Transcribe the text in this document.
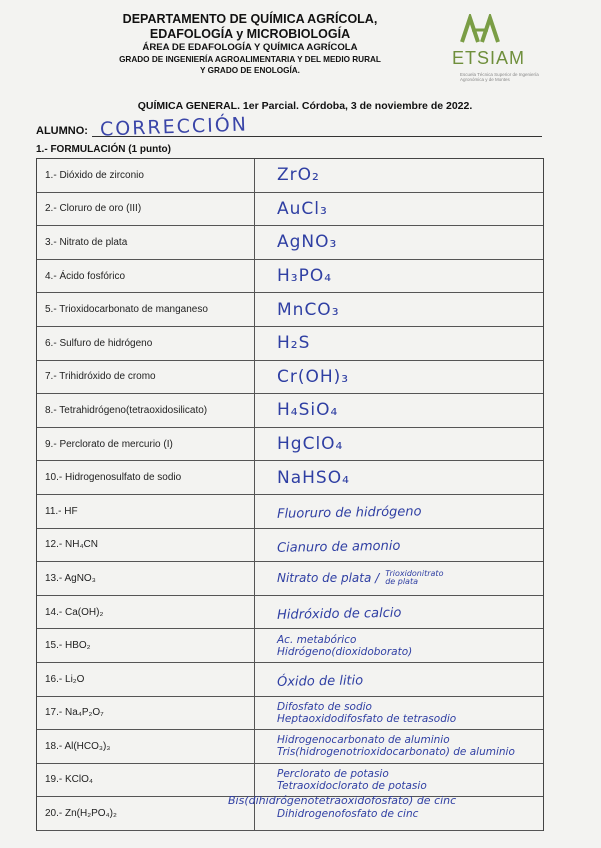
DEPARTAMENTO DE QUÍMICA AGRÍCOLA,
EDAFOLOGÍA y MICROBIOLOGÍA
ÁREA DE EDAFOLOGÍA Y QUÍMICA AGRÍCOLA
GRADO DE INGENIERÍA AGROALIMENTARIA Y DEL MEDIO RURAL
Y GRADO DE ENOLOGÍA.
ETSIAM
Escuela Técnica Superior de Ingeniería Agronómica y de Montes
QUÍMICA GENERAL. 1er Parcial. Córdoba, 3 de noviembre de 2022.
ALUMNO: CORRECCIÓN
1.- FORMULACIÓN (1 punto)
1.- Dióxido de zirconio	ZrO₂
2.- Cloruro de oro (III)	AuCl₃
3.- Nitrato de plata	AgNO₃
4.- Ácido fosfórico	H₃PO₄
5.- Trioxidocarbonato de manganeso	MnCO₃
6.- Sulfuro de hidrógeno	H₂S
7.- Trihidróxido de cromo	Cr(OH)₃
8.- Tetrahidrógeno(tetraoxidosilicato)	H₄SiO₄
9.- Perclorato de mercurio (I)	HgClO₄
10.- Hidrogenosulfato de sodio	NaHSO₄
11.- HF	Fluoruro de hidrógeno
12.- NH₄CN	Cianuro de amonio
13.- AgNO₃	Nitrato de plata / Trioxidonitrato de plata
14.- Ca(OH)₂	Hidróxido de calcio
15.- HBO₂	Ac. metabórico
Hidrógeno(dioxidoborato)
16.- Li₂O	Óxido de litio
17.- Na₄P₂O₇	Difosfato de sodio
Heptaoxidodifosfato de tetrasodio
18.- Al(HCO₃)₃	Hidrogenocarbonato de aluminio
Tris(hidrogenotrioxidocarbonato) de aluminio
19.- KClO₄	Perclorato de potasio
Tetraoxidoclorato de potasio
20.- Zn(H₂PO₄)₂	Dihidrogenofosfato de cinc
Bis(dihidrógenotetraoxidofosfato) de cinc
